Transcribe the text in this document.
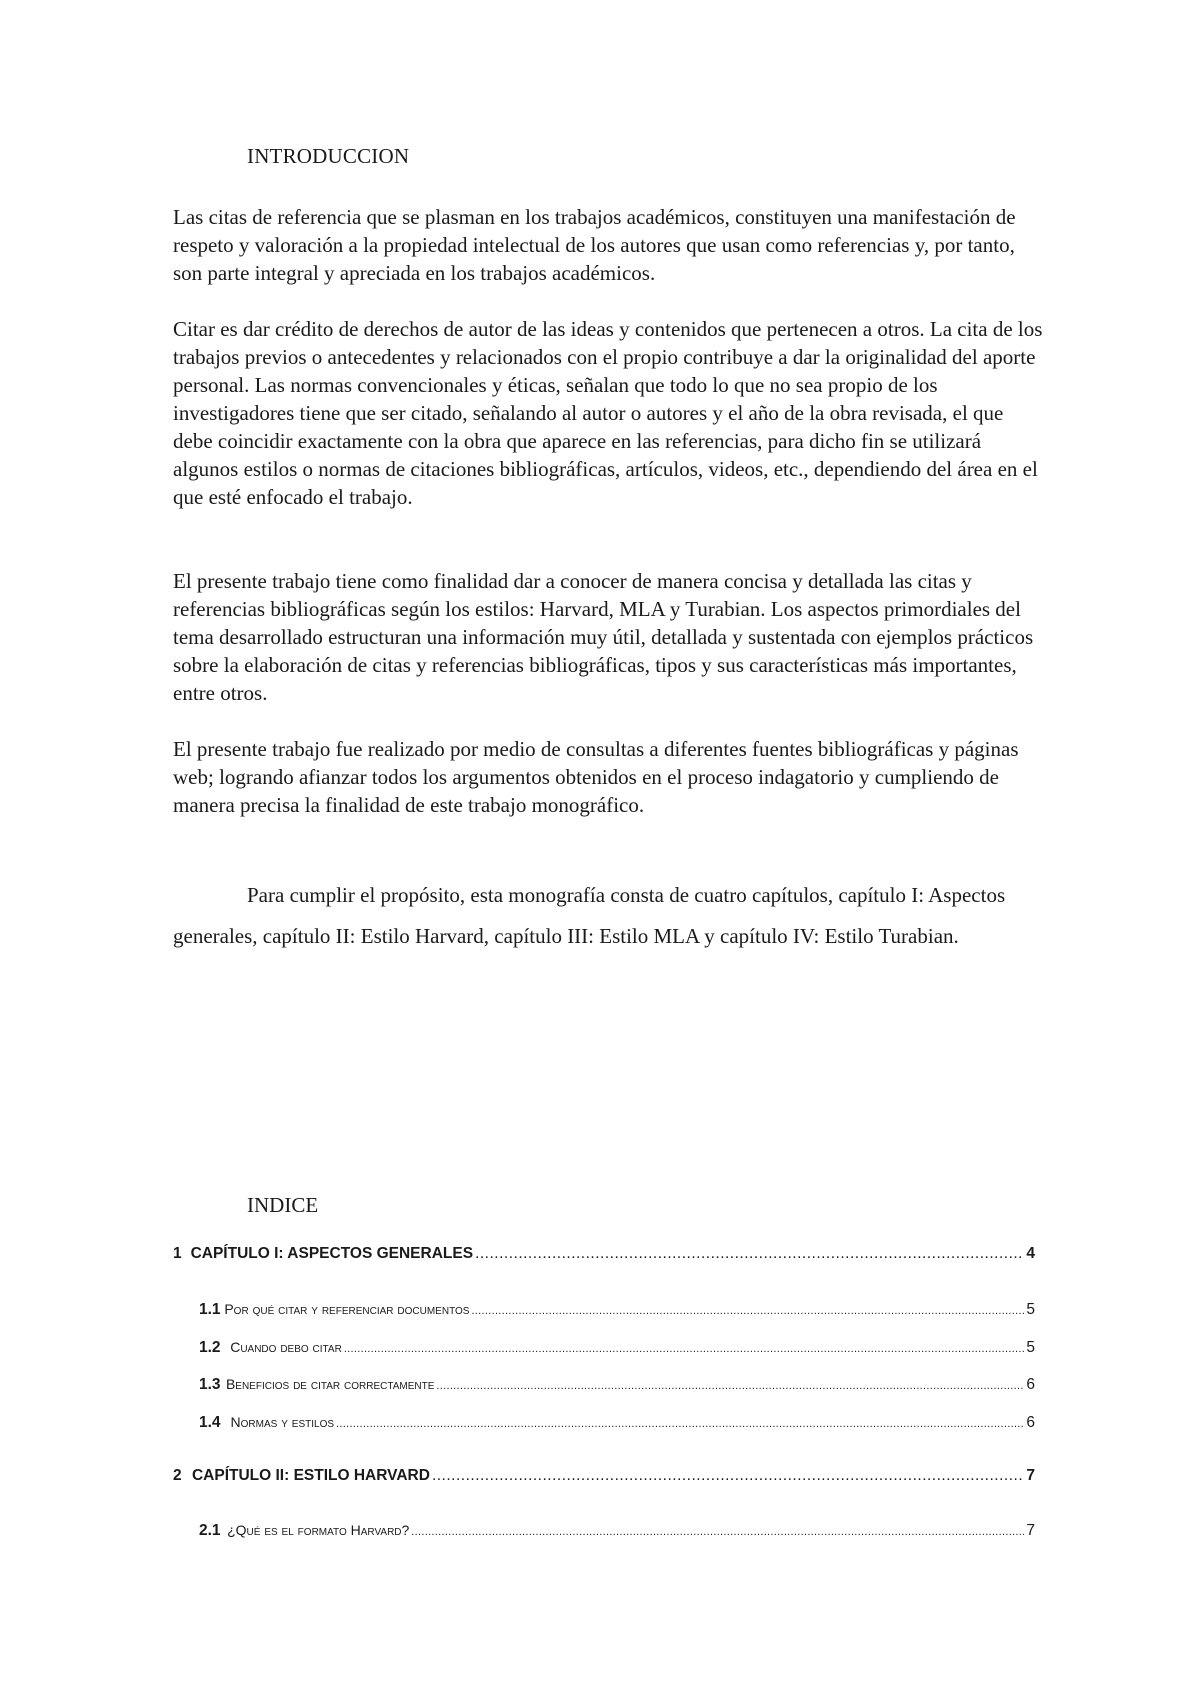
INTRODUCCION

Las citas de referencia que se plasman en los trabajos académicos, constituyen una manifestación de respeto y valoración a la propiedad intelectual de los autores que usan como referencias y, por tanto, son parte integral y apreciada en los trabajos académicos.

Citar es dar crédito de derechos de autor de las ideas y contenidos que pertenecen a otros. La cita de los trabajos previos o antecedentes y relacionados con el propio contribuye a dar la originalidad del aporte personal. Las normas convencionales y éticas, señalan que todo lo que no sea propio de los investigadores tiene que ser citado, señalando al autor o autores y el año de la obra revisada, el que debe coincidir exactamente con la obra que aparece en las referencias, para dicho fin se utilizará algunos estilos o normas de citaciones bibliográficas, artículos, videos, etc., dependiendo del área en el que esté enfocado el trabajo.

El presente trabajo tiene como finalidad dar a conocer de manera concisa y detallada las citas y referencias bibliográficas según los estilos: Harvard, MLA y Turabian. Los aspectos primordiales del tema desarrollado estructuran una información muy útil, detallada y sustentada con ejemplos prácticos sobre la elaboración de citas y referencias bibliográficas, tipos y sus características más importantes, entre otros.

El presente trabajo fue realizado por medio de consultas a diferentes fuentes bibliográficas y páginas web; logrando afianzar todos los argumentos obtenidos en el proceso indagatorio y cumpliendo de manera precisa la finalidad de este trabajo monográfico.

Para cumplir el propósito, esta monografía consta de cuatro capítulos, capítulo I: Aspectos generales, capítulo II: Estilo Harvard, capítulo III: Estilo MLA y capítulo IV: Estilo Turabian.

INDICE
1 CAPÍTULO I: ASPECTOS GENERALES .....	4
1.1 Por qué citar y referenciar documentos .....	5
1.2 Cuando debo citar .....	5
1.3 Beneficios de citar correctamente .....	6
1.4 Normas y estilos .....	6
2 CAPÍTULO II: ESTILO HARVARD .....	7
2.1 ¿Qué es el formato Harvard? .....	7
